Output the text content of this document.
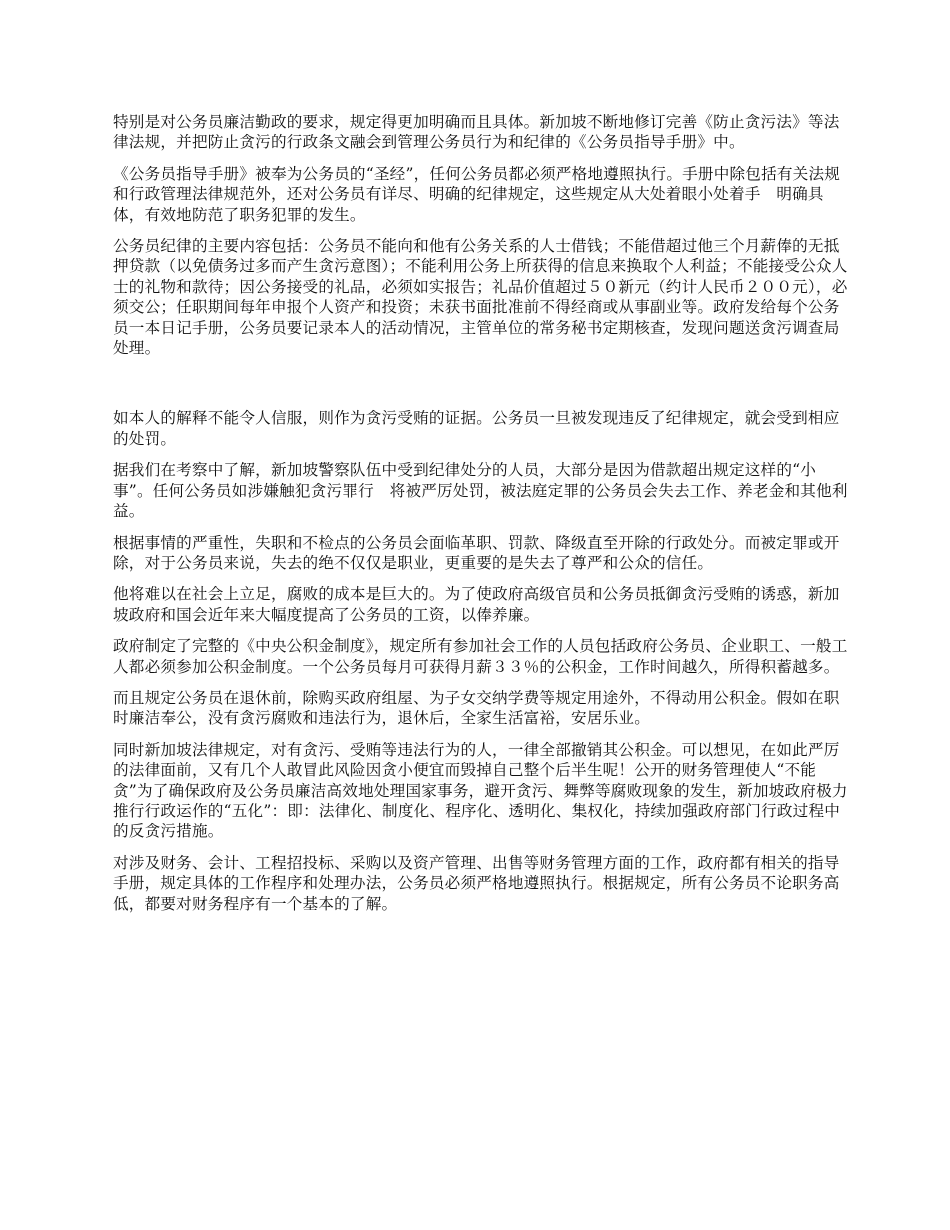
特别是对公务员廉洁勤政的要求，规定得更加明确而且具体。新加坡不断地修订完善《防止贪污法》等法律法规，并把防止贪污的行政条文融会到管理公务员行为和纪律的《公务员指导手册》中。

《公务员指导手册》被奉为公务员的“圣经”，任何公务员都必须严格地遵照执行。手册中除包括有关法规和行政管理法律规范外，还对公务员有详尽、明确的纪律规定，这些规定从大处着眼小处着手　明确具体，有效地防范了职务犯罪的发生。

公务员纪律的主要内容包括：公务员不能向和他有公务关系的人士借钱；不能借超过他三个月薪俸的无抵押贷款（以免债务过多而产生贪污意图）；不能利用公务上所获得的信息来换取个人利益；不能接受公众人士的礼物和款待；因公务接受的礼品，必须如实报告；礼品价值超过５０新元（约计人民币２００元），必须交公；任职期间每年申报个人资产和投资；未获书面批准前不得经商或从事副业等。政府发给每个公务员一本日记手册，公务员要记录本人的活动情况，主管单位的常务秘书定期核查，发现问题送贪污调查局处理。

如本人的解释不能令人信服，则作为贪污受贿的证据。公务员一旦被发现违反了纪律规定，就会受到相应的处罚。

据我们在考察中了解，新加坡警察队伍中受到纪律处分的人员，大部分是因为借款超出规定这样的“小事”。任何公务员如涉嫌触犯贪污罪行　将被严厉处罚，被法庭定罪的公务员会失去工作、养老金和其他利益。

根据事情的严重性，失职和不检点的公务员会面临革职、罚款、降级直至开除的行政处分。而被定罪或开除，对于公务员来说，失去的绝不仅仅是职业，更重要的是失去了尊严和公众的信任。

他将难以在社会上立足，腐败的成本是巨大的。为了使政府高级官员和公务员抵御贪污受贿的诱惑，新加坡政府和国会近年来大幅度提高了公务员的工资，以俸养廉。

政府制定了完整的《中央公积金制度》，规定所有参加社会工作的人员包括政府公务员、企业职工、一般工人都必须参加公积金制度。一个公务员每月可获得月薪３３％的公积金，工作时间越久，所得积蓄越多。

而且规定公务员在退休前，除购买政府组屋、为子女交纳学费等规定用途外，不得动用公积金。假如在职时廉洁奉公，没有贪污腐败和违法行为，退休后，全家生活富裕，安居乐业。

同时新加坡法律规定，对有贪污、受贿等违法行为的人，一律全部撤销其公积金。可以想见，在如此严厉的法律面前，又有几个人敢冒此风险因贪小便宜而毁掉自己整个后半生呢！公开的财务管理使人“不能贪”为了确保政府及公务员廉洁高效地处理国家事务，避开贪污、舞弊等腐败现象的发生，新加坡政府极力推行行政运作的“五化”：即：法律化、制度化、程序化、透明化、集权化，持续加强政府部门行政过程中的反贪污措施。

对涉及财务、会计、工程招投标、采购以及资产管理、出售等财务管理方面的工作，政府都有相关的指导手册，规定具体的工作程序和处理办法，公务员必须严格地遵照执行。根据规定，所有公务员不论职务高低，都要对财务程序有一个基本的了解。
